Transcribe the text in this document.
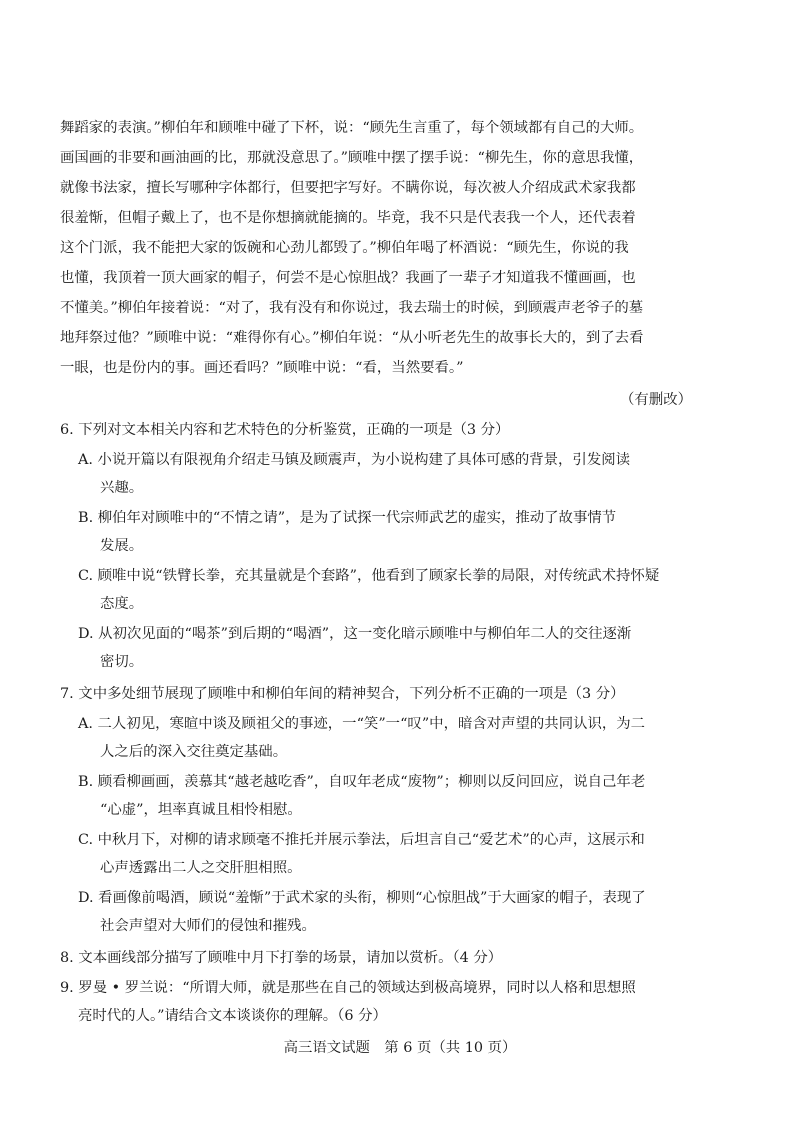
舞蹈家的表演。”柳伯年和顾唯中碰了下杯，说：“顾先生言重了，每个领域都有自己的大师。
画国画的非要和画油画的比，那就没意思了。”顾唯中摆了摆手说：“柳先生，你的意思我懂，
就像书法家，擅长写哪种字体都行，但要把字写好。不瞒你说，每次被人介绍成武术家我都
很羞惭，但帽子戴上了，也不是你想摘就能摘的。毕竟，我不只是代表我一个人，还代表着
这个门派，我不能把大家的饭碗和心劲儿都毁了。”柳伯年喝了杯酒说：“顾先生，你说的我
也懂，我顶着一顶大画家的帽子，何尝不是心惊胆战？我画了一辈子才知道我不懂画画，也
不懂美。”柳伯年接着说：“对了，我有没有和你说过，我去瑞士的时候，到顾震声老爷子的墓
地拜祭过他？”顾唯中说：“难得你有心。”柳伯年说：“从小听老先生的故事长大的，到了去看
一眼，也是份内的事。画还看吗？”顾唯中说：“看，当然要看。”
（有删改）
6. 下列对文本相关内容和艺术特色的分析鉴赏，正确的一项是（3 分）
A. 小说开篇以有限视角介绍走马镇及顾震声，为小说构建了具体可感的背景，引发阅读
兴趣。
B. 柳伯年对顾唯中的“不情之请”，是为了试探一代宗师武艺的虚实，推动了故事情节
发展。
C. 顾唯中说“铁臂长拳，充其量就是个套路”，他看到了顾家长拳的局限，对传统武术持怀疑
态度。
D. 从初次见面的“喝茶”到后期的“喝酒”，这一变化暗示顾唯中与柳伯年二人的交往逐渐
密切。
7. 文中多处细节展现了顾唯中和柳伯年间的精神契合，下列分析不正确的一项是（3 分）
A. 二人初见，寒暄中谈及顾祖父的事迹，一“笑”一“叹”中，暗含对声望的共同认识，为二
人之后的深入交往奠定基础。
B. 顾看柳画画，羡慕其“越老越吃香”，自叹年老成“废物”；柳则以反问回应，说自己年老
“心虚”，坦率真诚且相怜相慰。
C. 中秋月下，对柳的请求顾毫不推托并展示拳法，后坦言自己“爱艺术”的心声，这展示和
心声透露出二人之交肝胆相照。
D. 看画像前喝酒，顾说“羞惭”于武术家的头衔，柳则“心惊胆战”于大画家的帽子，表现了
社会声望对大师们的侵蚀和摧残。
8. 文本画线部分描写了顾唯中月下打拳的场景，请加以赏析。（4 分）
9. 罗曼 • 罗兰说：“所谓大师，就是那些在自己的领域达到极高境界，同时以人格和思想照
亮时代的人。”请结合文本谈谈你的理解。（6 分）
高三语文试题　第 6 页（共 10 页）
